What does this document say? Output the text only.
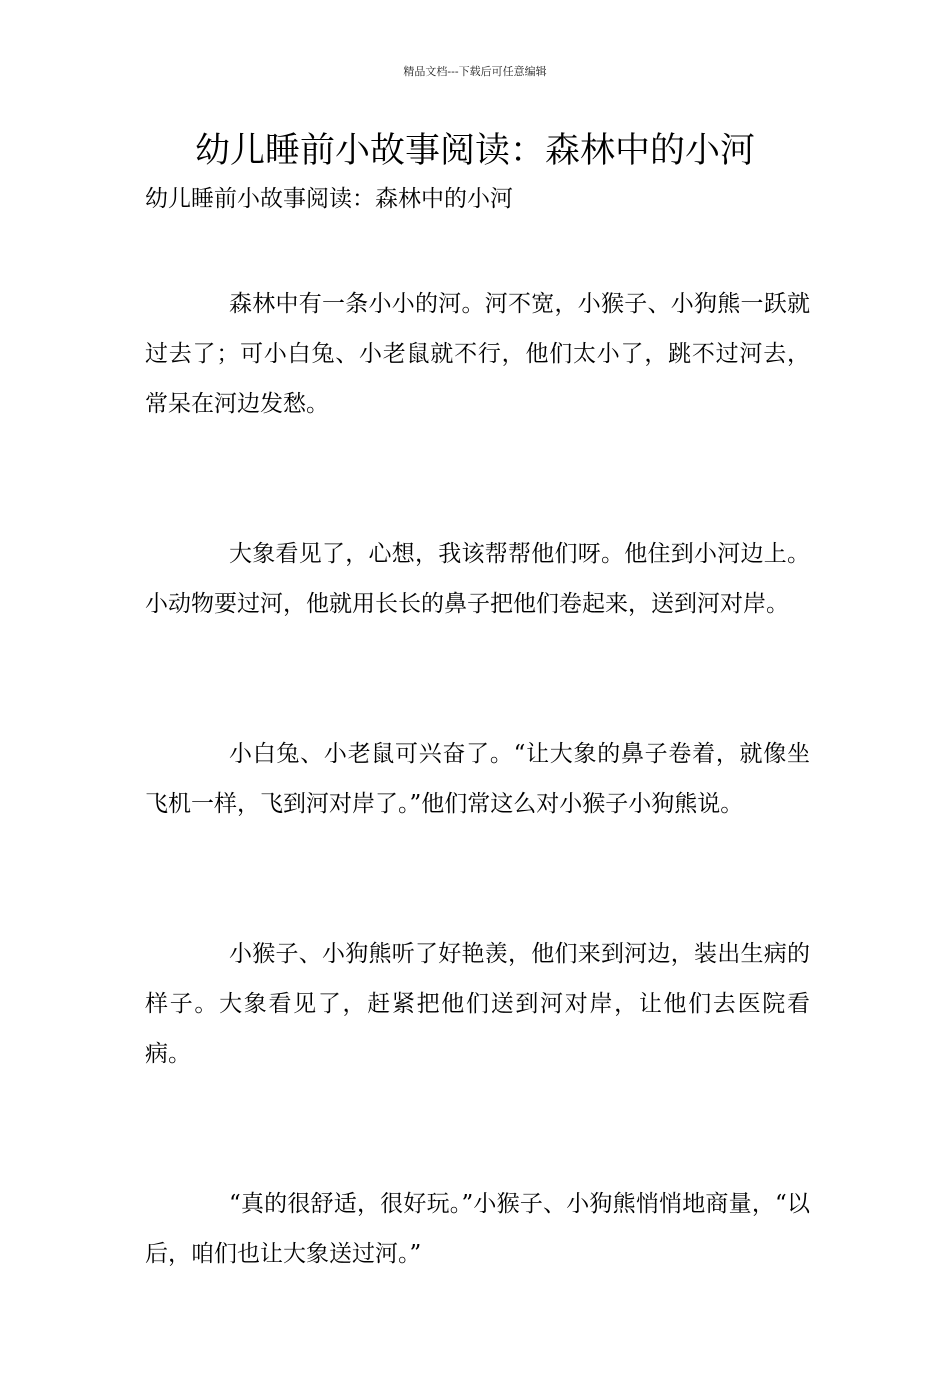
精品文档---下载后可任意编辑
幼儿睡前小故事阅读：森林中的小河

幼儿睡前小故事阅读：森林中的小河

森林中有一条小小的河。河不宽，小猴子、小狗熊一跃就过去了；可小白兔、小老鼠就不行，他们太小了，跳不过河去，常呆在河边发愁。

大象看见了，心想，我该帮帮他们呀。他住到小河边上。小动物要过河，他就用长长的鼻子把他们卷起来，送到河对岸。

小白兔、小老鼠可兴奋了。“让大象的鼻子卷着，就像坐飞机一样，飞到河对岸了。”他们常这么对小猴子小狗熊说。

小猴子、小狗熊听了好艳羡，他们来到河边，装出生病的样子。大象看见了，赶紧把他们送到河对岸，让他们去医院看病。

“真的很舒适，很好玩。”小猴子、小狗熊悄悄地商量，“以后，咱们也让大象送过河。”
